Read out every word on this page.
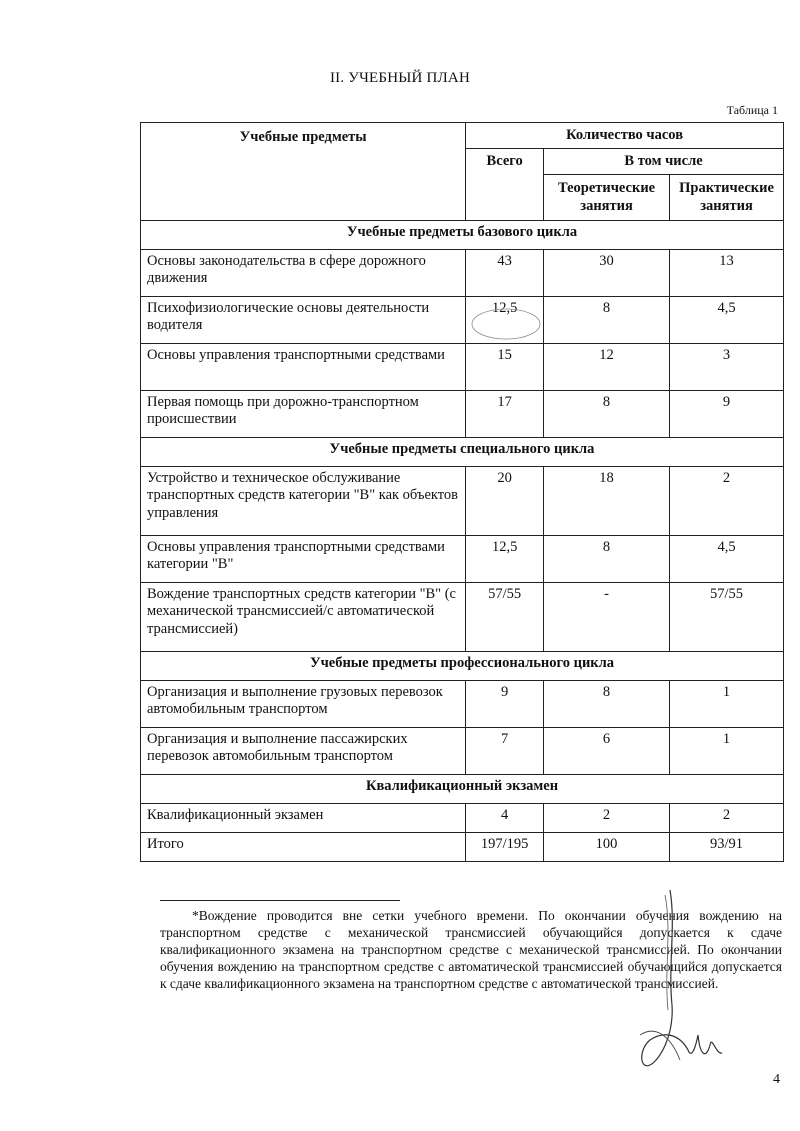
II. УЧЕБНЫЙ ПЛАН
Таблица 1
Учебные предметы	Количество часов		
	Всего	В том числе	
		Теоретические занятия	Практические занятия
Учебные предметы базового цикла			
Основы законодательства в сфере дорожного движения	43	30	13
Психофизиологические основы деятельности водителя	12,5	8	4,5
Основы управления транспортными средствами	15	12	3
Первая помощь при дорожно-транспортном происшествии	17	8	9
Учебные предметы специального цикла			
Устройство и техническое обслуживание транспортных средств категории "В" как объектов управления	20	18	2
Основы управления транспортными средствами категории "В"	12,5	8	4,5
Вождение транспортных средств категории "В" (с механической трансмиссией/с автоматической трансмиссией)	57/55	-	57/55
Учебные предметы профессионального цикла			
Организация и выполнение грузовых перевозок автомобильным транспортом	9	8	1
Организация и выполнение пассажирских перевозок автомобильным транспортом	7	6	1
Квалификационный экзамен			
Квалификационный экзамен	4	2	2
Итого	197/195	100	93/91
*Вождение проводится вне сетки учебного времени. По окончании обучения вождению на транспортном средстве с механической трансмиссией обучающийся допускается к сдаче квалификационного экзамена на транспортном средстве с механической трансмиссией. По окончании обучения вождению на транспортном средстве с автоматической трансмиссией обучающийся допускается к сдаче квалификационного экзамена на транспортном средстве с автоматической трансмиссией.
4
